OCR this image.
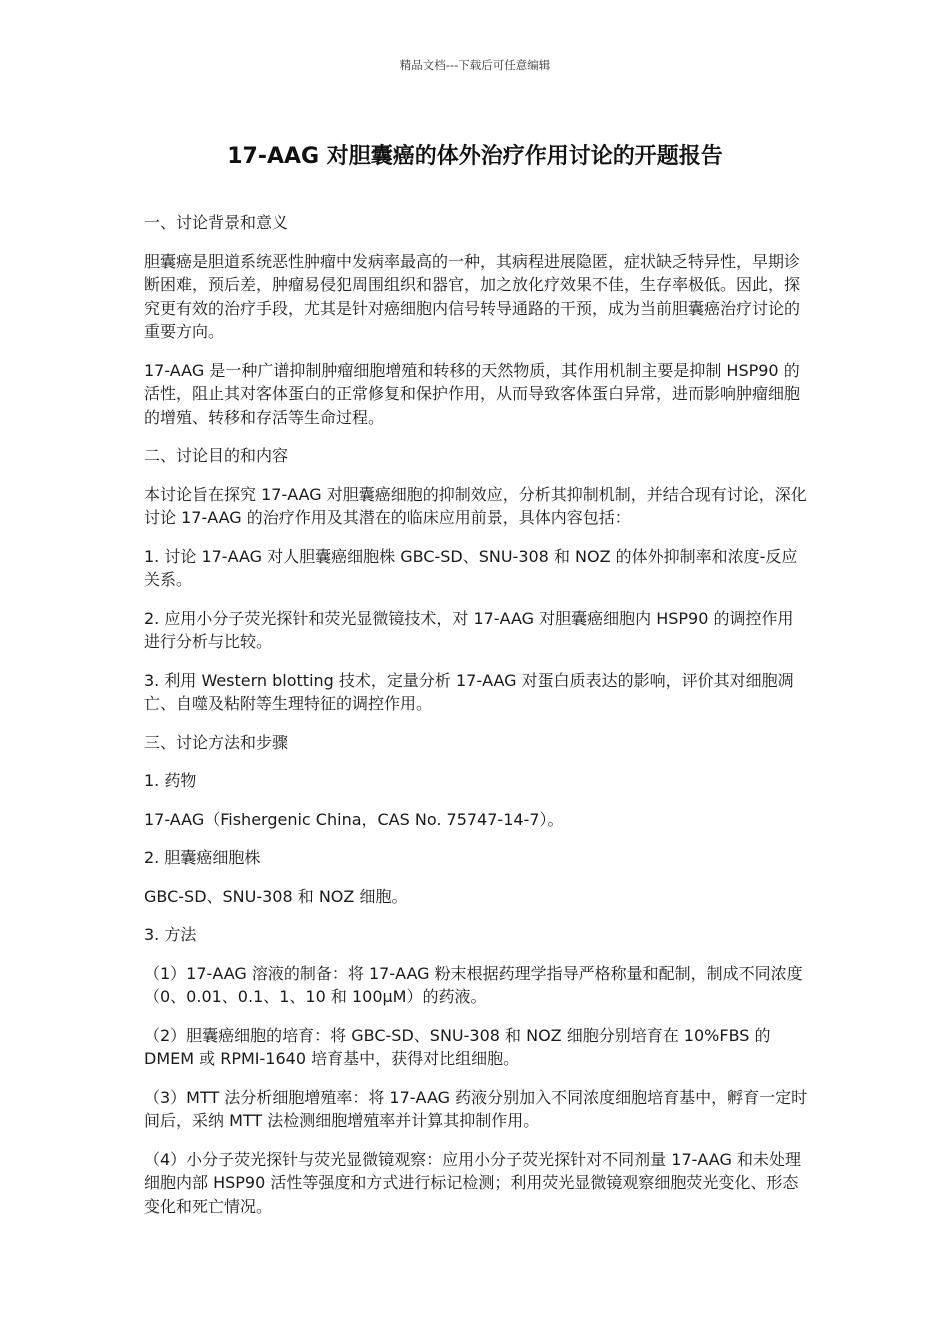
精品文档---下载后可任意编辑
17-AAG 对胆囊癌的体外治疗作用讨论的开题报告

一、讨论背景和意义

胆囊癌是胆道系统恶性肿瘤中发病率最高的一种，其病程进展隐匿，症状缺乏特异性，早期诊断困难，预后差，肿瘤易侵犯周围组织和器官，加之放化疗效果不佳，生存率极低。因此，探究更有效的治疗手段，尤其是针对癌细胞内信号转导通路的干预，成为当前胆囊癌治疗讨论的重要方向。

17-AAG 是一种广谱抑制肿瘤细胞增殖和转移的天然物质，其作用机制主要是抑制 HSP90 的活性，阻止其对客体蛋白的正常修复和保护作用，从而导致客体蛋白异常，进而影响肿瘤细胞的增殖、转移和存活等生命过程。

二、讨论目的和内容

本讨论旨在探究 17-AAG 对胆囊癌细胞的抑制效应，分析其抑制机制，并结合现有讨论，深化讨论 17-AAG 的治疗作用及其潜在的临床应用前景，具体内容包括：

1. 讨论 17-AAG 对人胆囊癌细胞株 GBC-SD、SNU-308 和 NOZ 的体外抑制率和浓度-反应关系。

2. 应用小分子荧光探针和荧光显微镜技术，对 17-AAG 对胆囊癌细胞内 HSP90 的调控作用进行分析与比较。

3. 利用 Western blotting 技术，定量分析 17-AAG 对蛋白质表达的影响，评价其对细胞凋亡、自噬及粘附等生理特征的调控作用。

三、讨论方法和步骤

1. 药物

17-AAG（Fishergenic China，CAS No. 75747-14-7）。

2. 胆囊癌细胞株

GBC-SD、SNU-308 和 NOZ 细胞。

3. 方法

（1）17-AAG 溶液的制备：将 17-AAG 粉末根据药理学指导严格称量和配制，制成不同浓度（0、0.01、0.1、1、10 和 100μM）的药液。

（2）胆囊癌细胞的培育：将 GBC-SD、SNU-308 和 NOZ 细胞分别培育在 10%FBS 的 DMEM 或 RPMI-1640 培育基中，获得对比组细胞。

（3）MTT 法分析细胞增殖率：将 17-AAG 药液分别加入不同浓度细胞培育基中，孵育一定时间后，采纳 MTT 法检测细胞增殖率并计算其抑制作用。

（4）小分子荧光探针与荧光显微镜观察：应用小分子荧光探针对不同剂量 17-AAG 和未处理细胞内部 HSP90 活性等强度和方式进行标记检测；利用荧光显微镜观察细胞荧光变化、形态变化和死亡情况。
